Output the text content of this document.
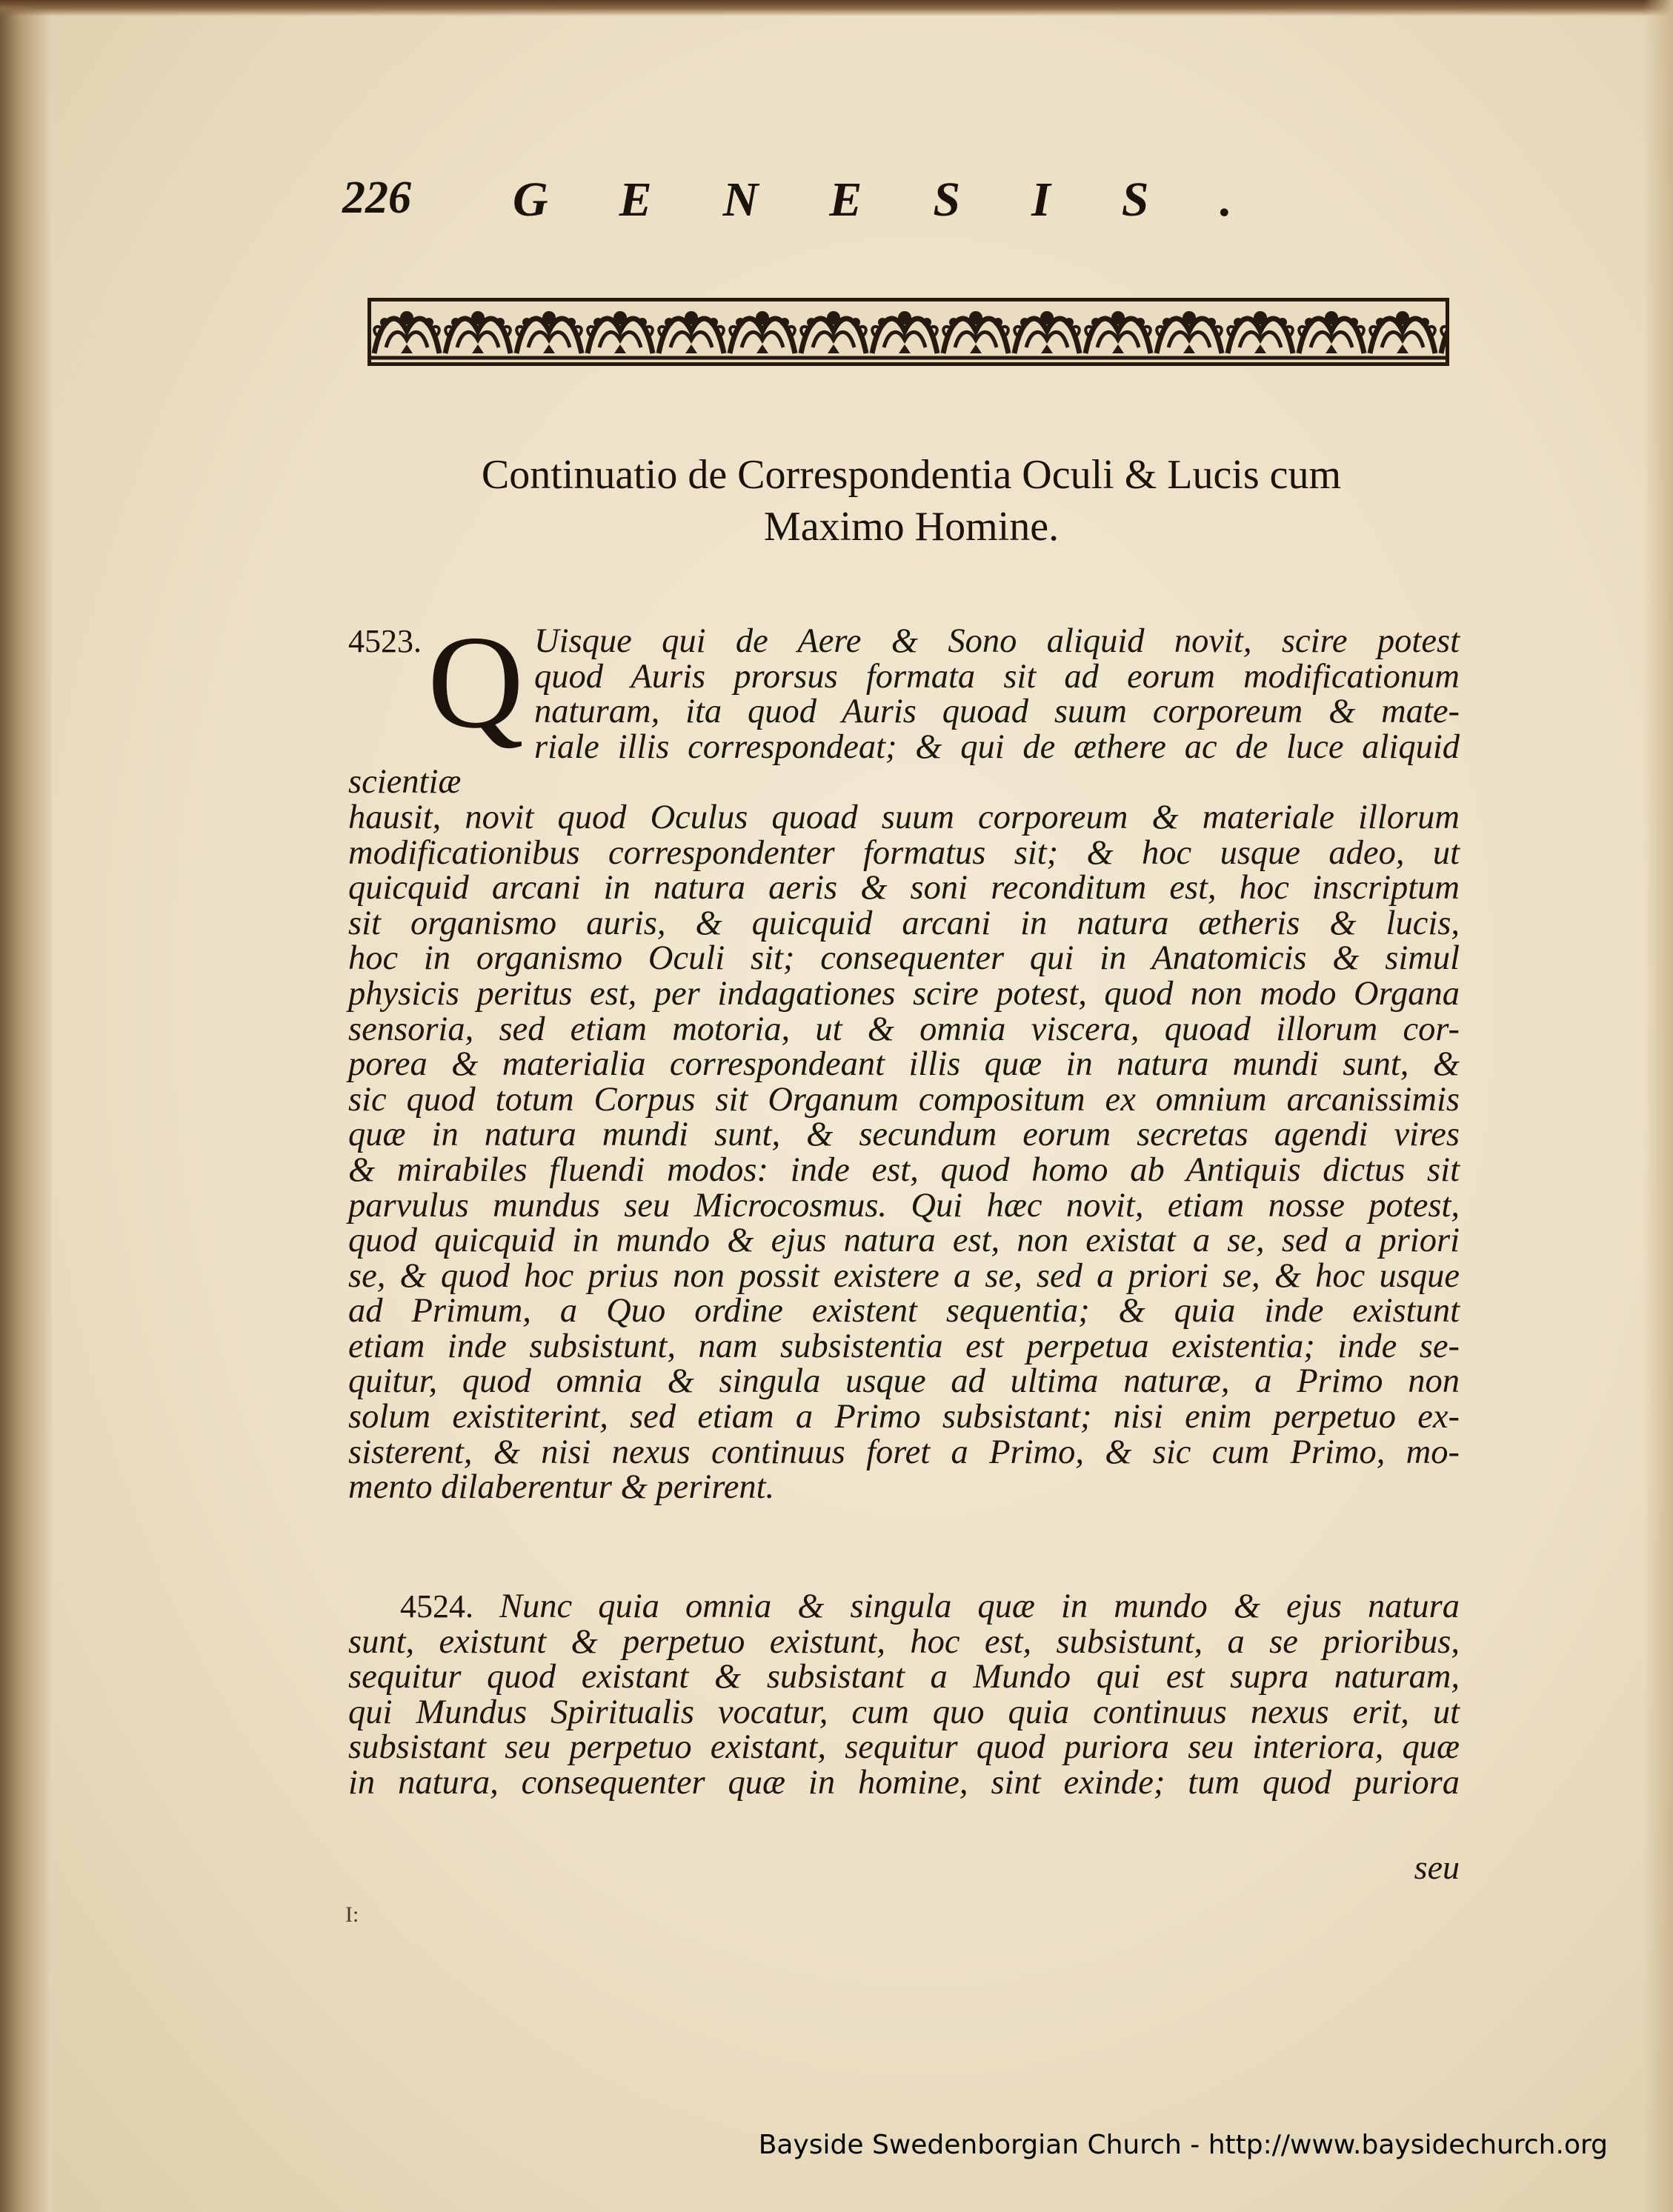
226 GENESIS.
Continuatio de Correspondentia Oculi & Lucis cum
Maximo Homine.
4523. Q Uisque qui de Aere & Sono aliquid novit, scire potest
quod Auris prorsus formata sit ad eorum modificationum
naturam, ita quod Auris quoad suum corporeum & mate-
riale illis correspondeat; & qui de æthere ac de luce aliquid scientiæ
hausit, novit quod Oculus quoad suum corporeum & materiale illorum
modificationibus correspondenter formatus sit; & hoc usque adeo, ut
quicquid arcani in natura aeris & soni reconditum est, hoc inscriptum
sit organismo auris, & quicquid arcani in natura ætheris & lucis,
hoc in organismo Oculi sit; consequenter qui in Anatomicis & simul
physicis peritus est, per indagationes scire potest, quod non modo Organa
sensoria, sed etiam motoria, ut & omnia viscera, quoad illorum cor-
porea & materialia correspondeant illis quæ in natura mundi sunt, &
sic quod totum Corpus sit Organum compositum ex omnium arcanissimis
quæ in natura mundi sunt, & secundum eorum secretas agendi vires
& mirabiles fluendi modos: inde est, quod homo ab Antiquis dictus sit
parvulus mundus seu Microcosmus. Qui hæc novit, etiam nosse potest,
quod quicquid in mundo & ejus natura est, non existat a se, sed a priori
se, & quod hoc prius non possit existere a se, sed a priori se, & hoc usque
ad Primum, a Quo ordine existent sequentia; & quia inde existunt
etiam inde subsistunt, nam subsistentia est perpetua existentia; inde se-
quitur, quod omnia & singula usque ad ultima naturæ, a Primo non
solum existiterint, sed etiam a Primo subsistant; nisi enim perpetuo ex-
sisterent, & nisi nexus continuus foret a Primo, & sic cum Primo, mo-
mento dilaberentur & perirent.
4524. Nunc quia omnia & singula quæ in mundo & ejus natura
sunt, existunt & perpetuo existunt, hoc est, subsistunt, a se prioribus,
sequitur quod existant & subsistant a Mundo qui est supra naturam,
qui Mundus Spiritualis vocatur, cum quo quia continuus nexus erit, ut
subsistant seu perpetuo existant, sequitur quod puriora seu interiora, quæ
in natura, consequenter quæ in homine, sint exinde; tum quod puriora
seu
I:
Bayside Swedenborgian Church - http://www.baysidechurch.org
